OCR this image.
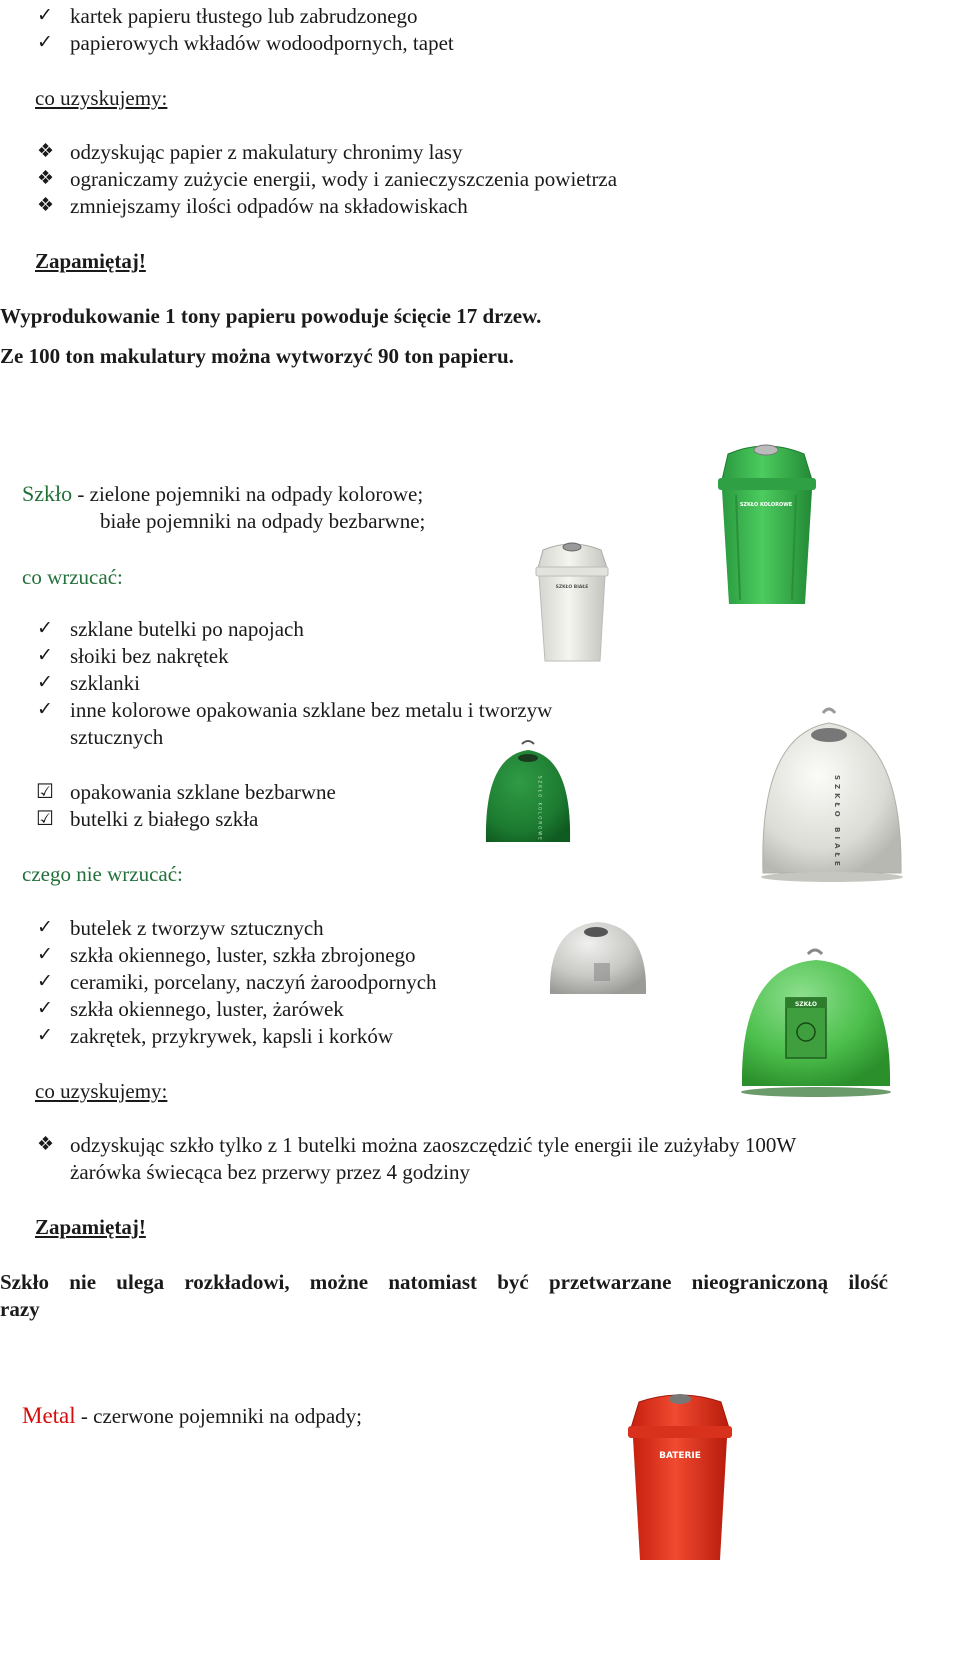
✓ kartek papieru tłustego lub zabrudzonego
✓ papierowych wkładów wodoodpornych, tapet
co uzyskujemy:
❖ odzyskując papier z makulatury chronimy lasy
❖ ograniczamy zużycie energii, wody i zanieczyszczenia powietrza
❖ zmniejszamy ilości odpadów na składowiskach
Zapamiętaj!
Wyprodukowanie 1 tony papieru powoduje ścięcie 17 drzew.
Ze 100 ton makulatury można wytworzyć 90 ton papieru.
Szkło - zielone pojemniki na odpady kolorowe;
białe pojemniki na odpady bezbarwne;
co wrzucać:
✓ szklane butelki po napojach
✓ słoiki bez nakrętek
✓ szklanki
✓ inne kolorowe opakowania szklane bez metalu i tworzyw
sztucznych
☑ opakowania szklane bezbarwne
☑ butelki z białego szkła
czego nie wrzucać:
✓ butelek z tworzyw sztucznych
✓ szkła okiennego, luster, szkła zbrojonego
✓ ceramiki, porcelany, naczyń żaroodpornych
✓ szkła okiennego, luster, żarówek
✓ zakrętek, przykrywek, kapsli i korków
co uzyskujemy:
❖ odzyskując szkło tylko z 1 butelki można zaoszczędzić tyle energii ile zużyłaby 100W
żarówka świecąca bez przerwy przez 4 godziny
Zapamiętaj!
Szkło nie ulega rozkładowi, możne natomiast być przetwarzane nieograniczoną ilość
razy
Metal - czerwone pojemniki na odpady;
SZKŁO KOLOROWE
SZKŁO BIAŁE
SZKŁO BIAŁE
SZKŁO KOLOROWE
SZKŁO
BATERIE
